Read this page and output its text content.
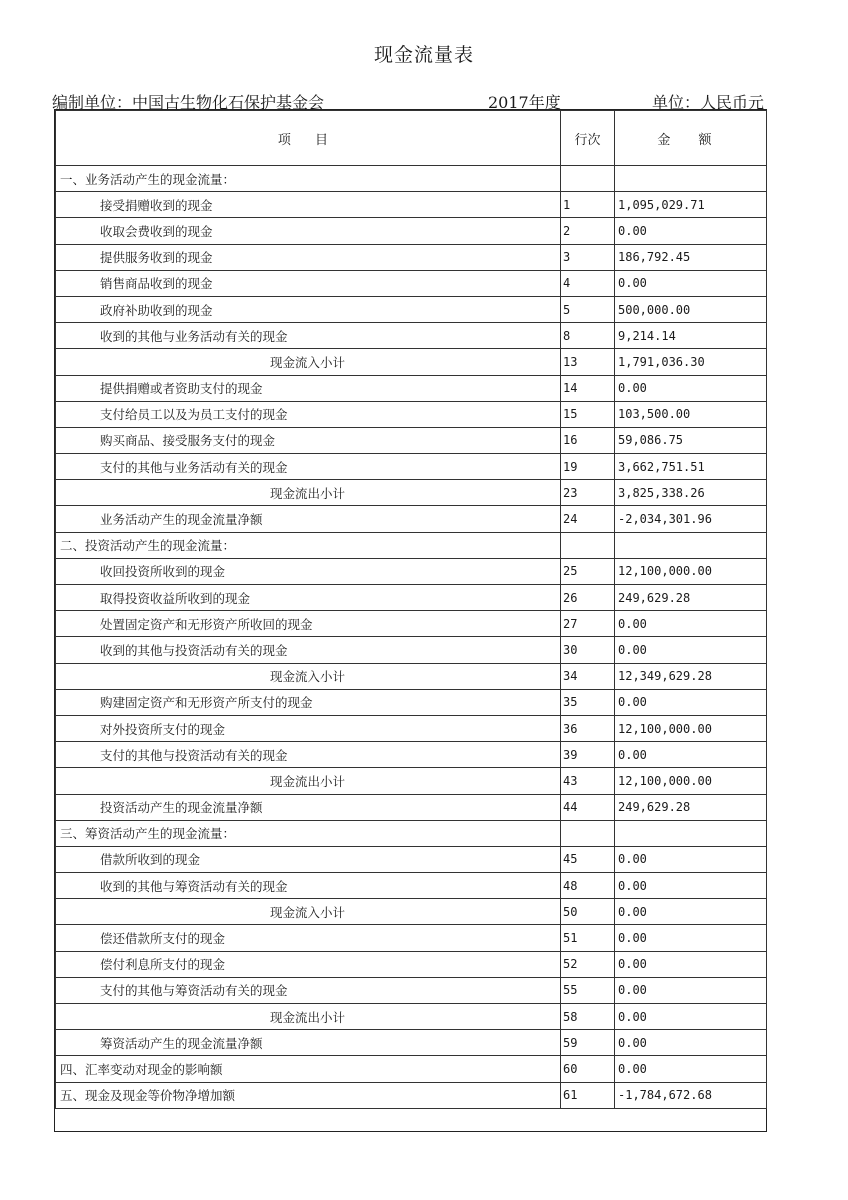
现金流量表
编制单位：中国古生物化石保护基金会	2017年度	单位：人民币元
项 目	行次	金 额
一、业务活动产生的现金流量：		
接受捐赠收到的现金	1	1,095,029.71
收取会费收到的现金	2	0.00
提供服务收到的现金	3	186,792.45
销售商品收到的现金	4	0.00
政府补助收到的现金	5	500,000.00
收到的其他与业务活动有关的现金	8	9,214.14
现金流入小计	13	1,791,036.30
提供捐赠或者资助支付的现金	14	0.00
支付给员工以及为员工支付的现金	15	103,500.00
购买商品、接受服务支付的现金	16	59,086.75
支付的其他与业务活动有关的现金	19	3,662,751.51
现金流出小计	23	3,825,338.26
业务活动产生的现金流量净额	24	-2,034,301.96
二、投资活动产生的现金流量：		
收回投资所收到的现金	25	12,100,000.00
取得投资收益所收到的现金	26	249,629.28
处置固定资产和无形资产所收回的现金	27	0.00
收到的其他与投资活动有关的现金	30	0.00
现金流入小计	34	12,349,629.28
购建固定资产和无形资产所支付的现金	35	0.00
对外投资所支付的现金	36	12,100,000.00
支付的其他与投资活动有关的现金	39	0.00
现金流出小计	43	12,100,000.00
投资活动产生的现金流量净额	44	249,629.28
三、筹资活动产生的现金流量：		
借款所收到的现金	45	0.00
收到的其他与筹资活动有关的现金	48	0.00
现金流入小计	50	0.00
偿还借款所支付的现金	51	0.00
偿付利息所支付的现金	52	0.00
支付的其他与筹资活动有关的现金	55	0.00
现金流出小计	58	0.00
筹资活动产生的现金流量净额	59	0.00
四、汇率变动对现金的影响额	60	0.00
五、现金及现金等价物净增加额	61	-1,784,672.68
